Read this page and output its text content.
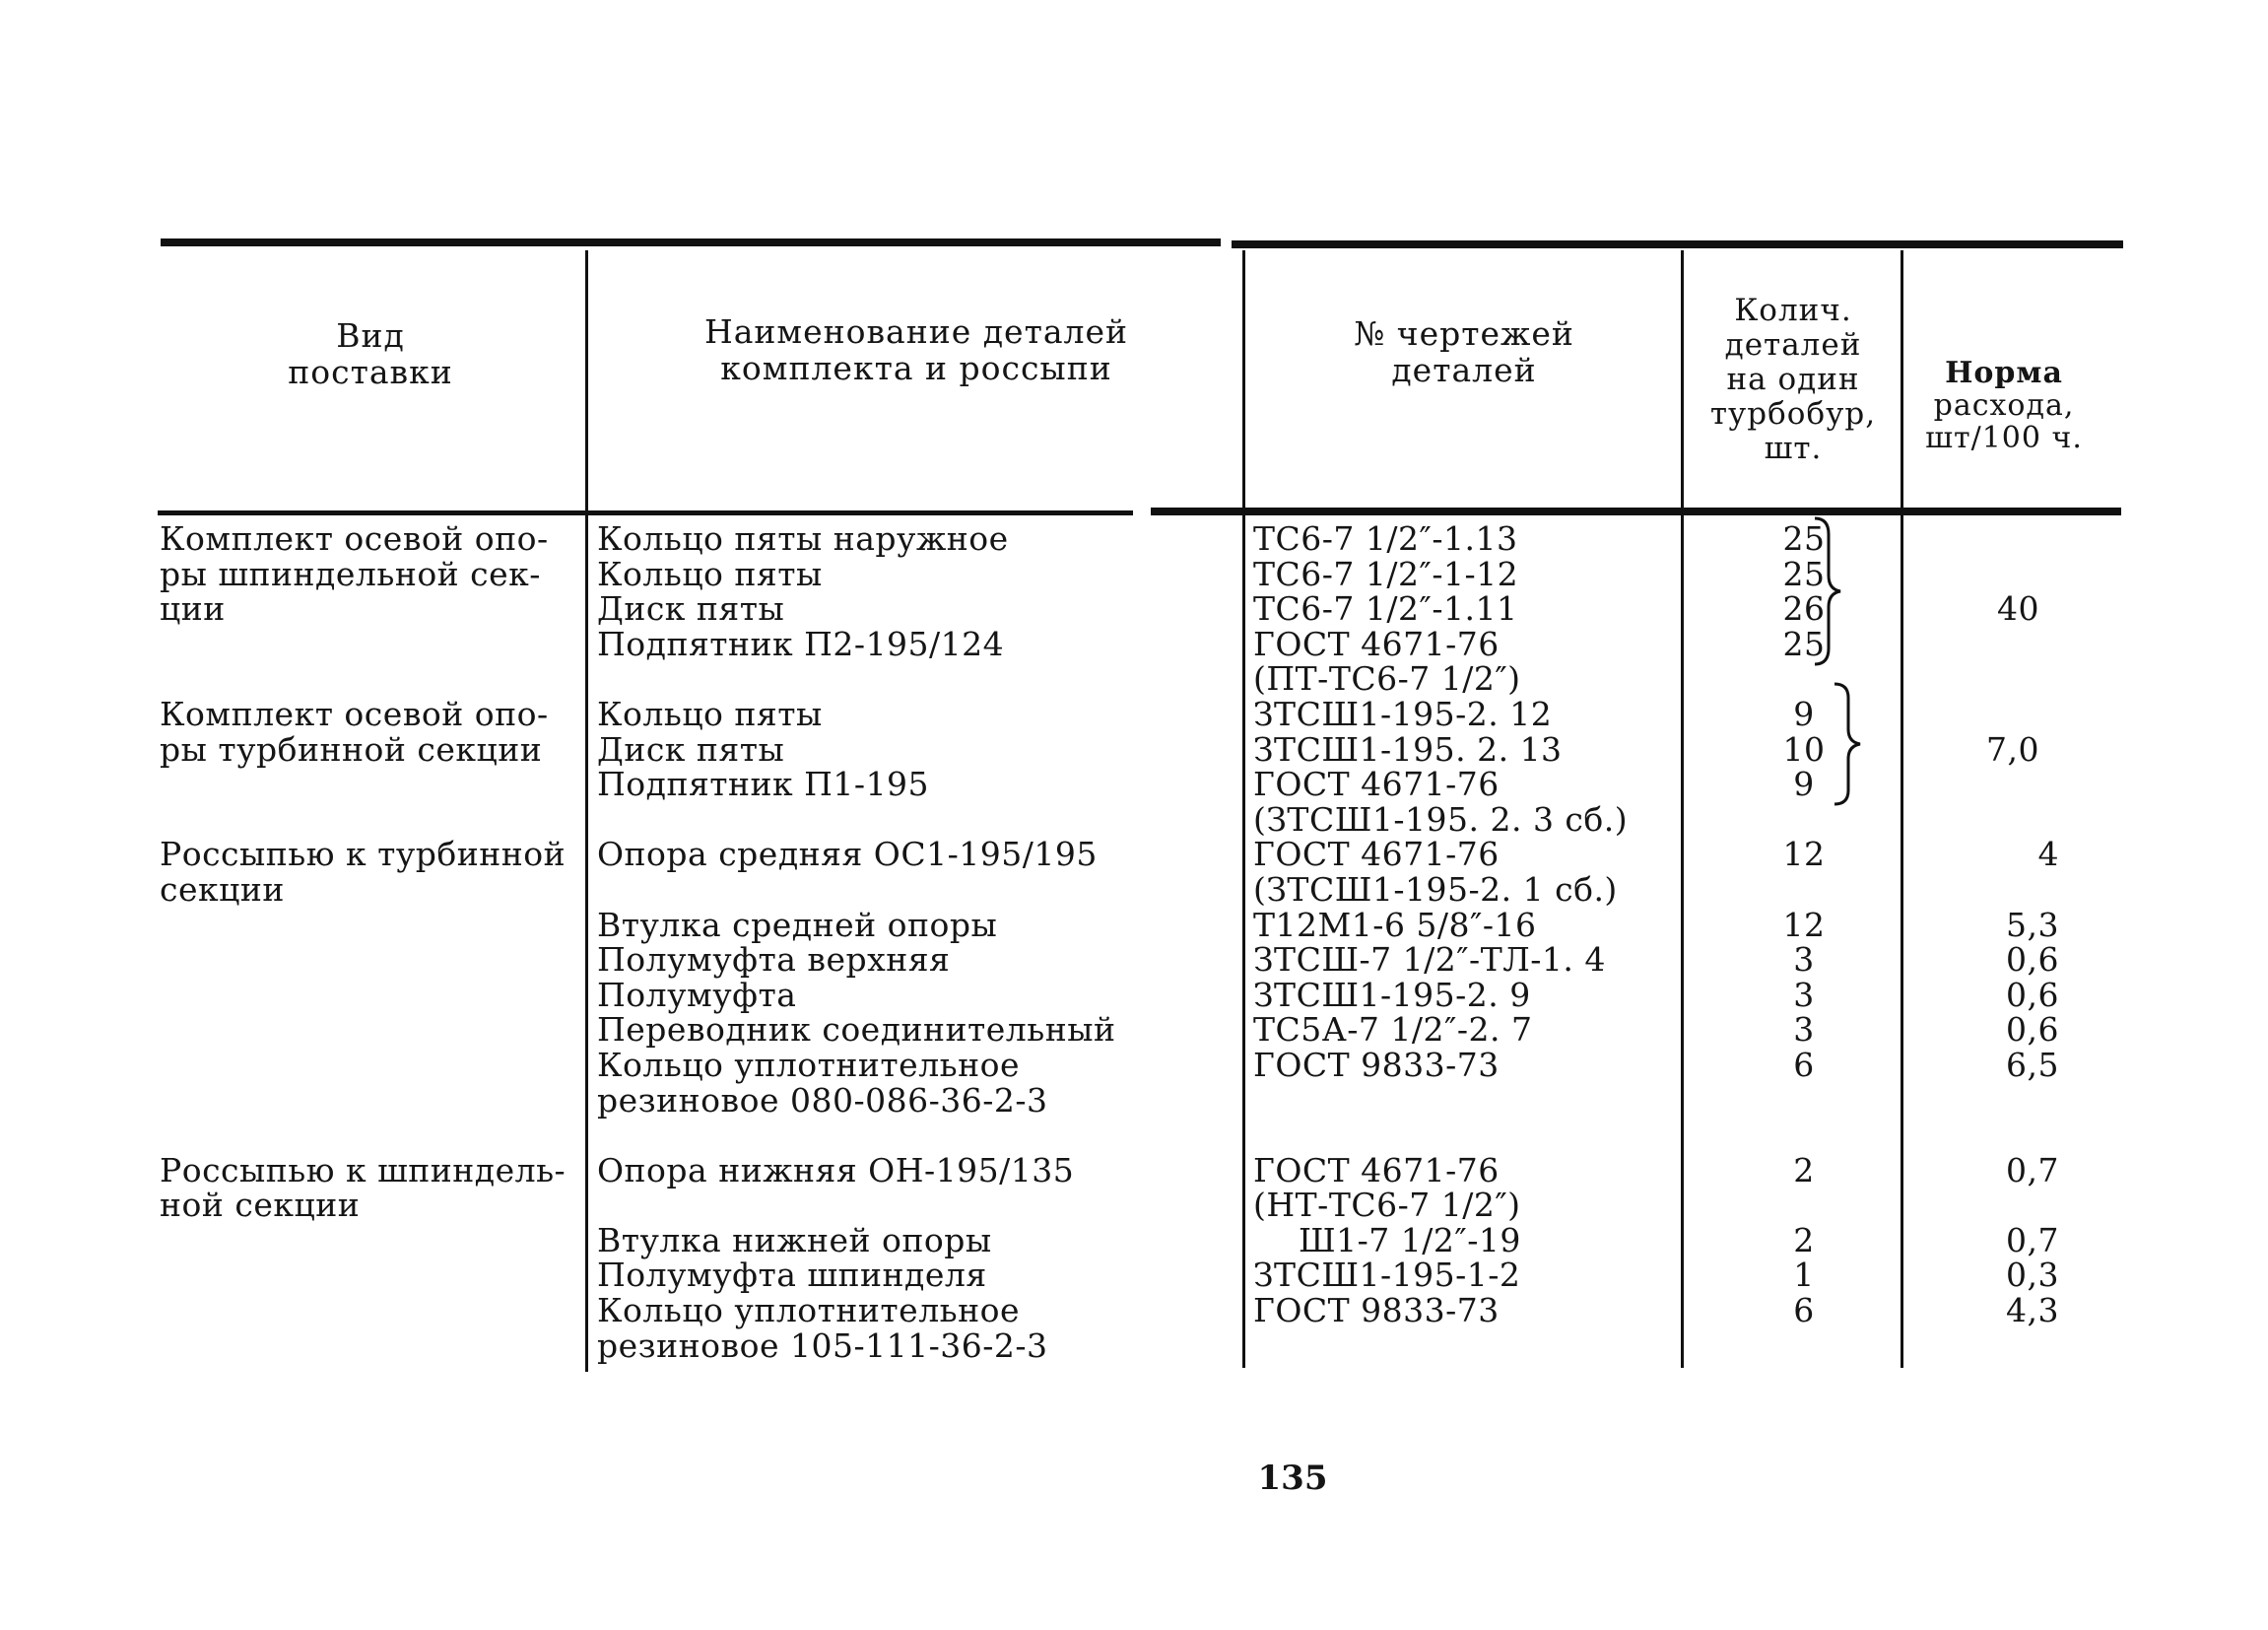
Вид
поставки
Наименование деталей
комплекта и россыпи
№ чертежей
деталей
Колич.
деталей
на один
турбобур,
шт.
Норма
расхода,
шт/100 ч.
Комплект осевой опо-
ры шпиндельной сек-
ции
Комплект осевой опо-
ры турбинной секции
Россыпью к турбинной
секции
Россыпью к шпиндель-
ной секции
Кольцо пяты наружное
Кольцо пяты
Диск пяты
Подпятник П2-195/124
Кольцо пяты
Диск пяты
Подпятник П1-195
Опора средняя ОС1-195/195
Втулка средней опоры
Полумуфта верхняя
Полумуфта
Переводник соединительный
Кольцо уплотнительное
резиновое 080-086-36-2-3
Опора нижняя ОН-195/135
Втулка нижней опоры
Полумуфта шпинделя
Кольцо уплотнительное
резиновое 105-111-36-2-3
ТС6-7 1/2″-1.13
ТС6-7 1/2″-1-12
ТС6-7 1/2″-1.11
ГОСТ 4671-76
(ПТ-ТС6-7 1/2″)
ЗТСШ1-195-2. 12
ЗТСШ1-195. 2. 13
ГОСТ 4671-76
(ЗТСШ1-195. 2. 3 сб.)
ГОСТ 4671-76
(ЗТСШ1-195-2. 1 сб.)
Т12М1-6 5/8″-16
ЗТСШ-7 1/2″-ТЛ-1. 4
ЗТСШ1-195-2. 9
ТС5А-7 1/2″-2. 7
ГОСТ 9833-73
ГОСТ 4671-76
(НТ-ТС6-7 1/2″)
Ш1-7 1/2″-19
ЗТСШ1-195-1-2
ГОСТ 9833-73
25
25
26
25
9
10
9
12
12
3
3
3
6
2
2
1
6
40
7,0
4
5,3
0,6
0,6
0,6
6,5
0,7
0,7
0,3
4,3
135
